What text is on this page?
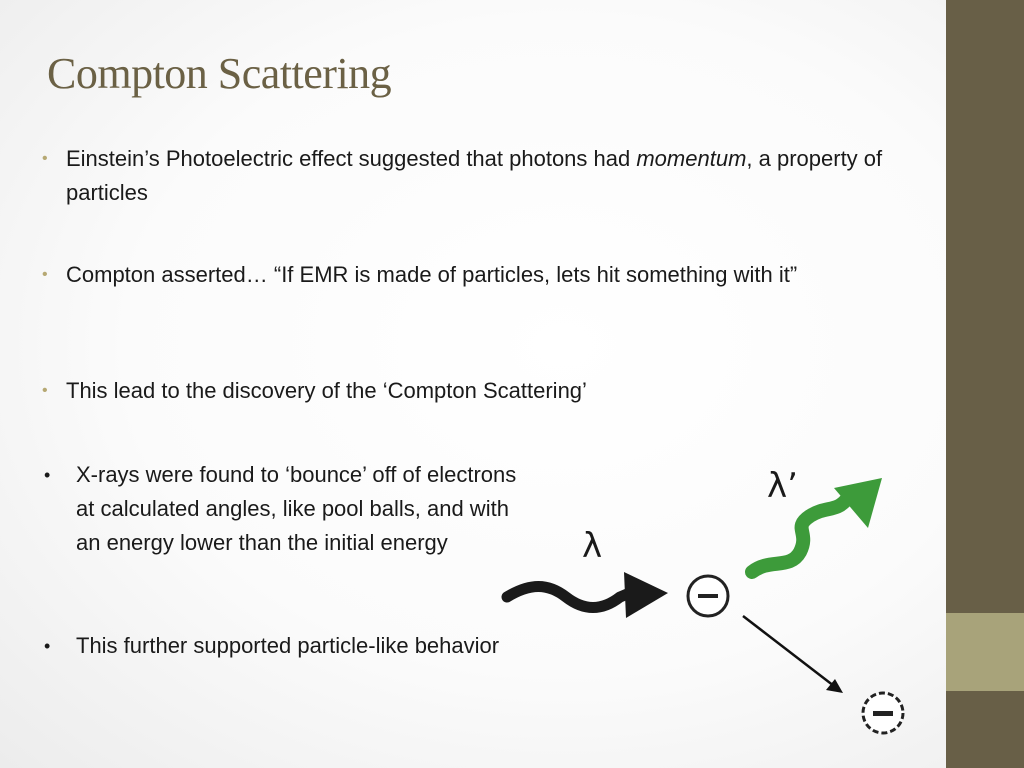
Compton Scattering
• Einstein’s Photoelectric effect suggested that photons had momentum, a property of particles
• Compton asserted… “If EMR is made of particles, lets hit something with it”
• This lead to the discovery of the ‘Compton Scattering’
• X-rays were found to ‘bounce’ off of electrons at calculated angles, like pool balls, and with an energy lower than the initial energy
• This further supported particle-like behavior
λ
λ’
